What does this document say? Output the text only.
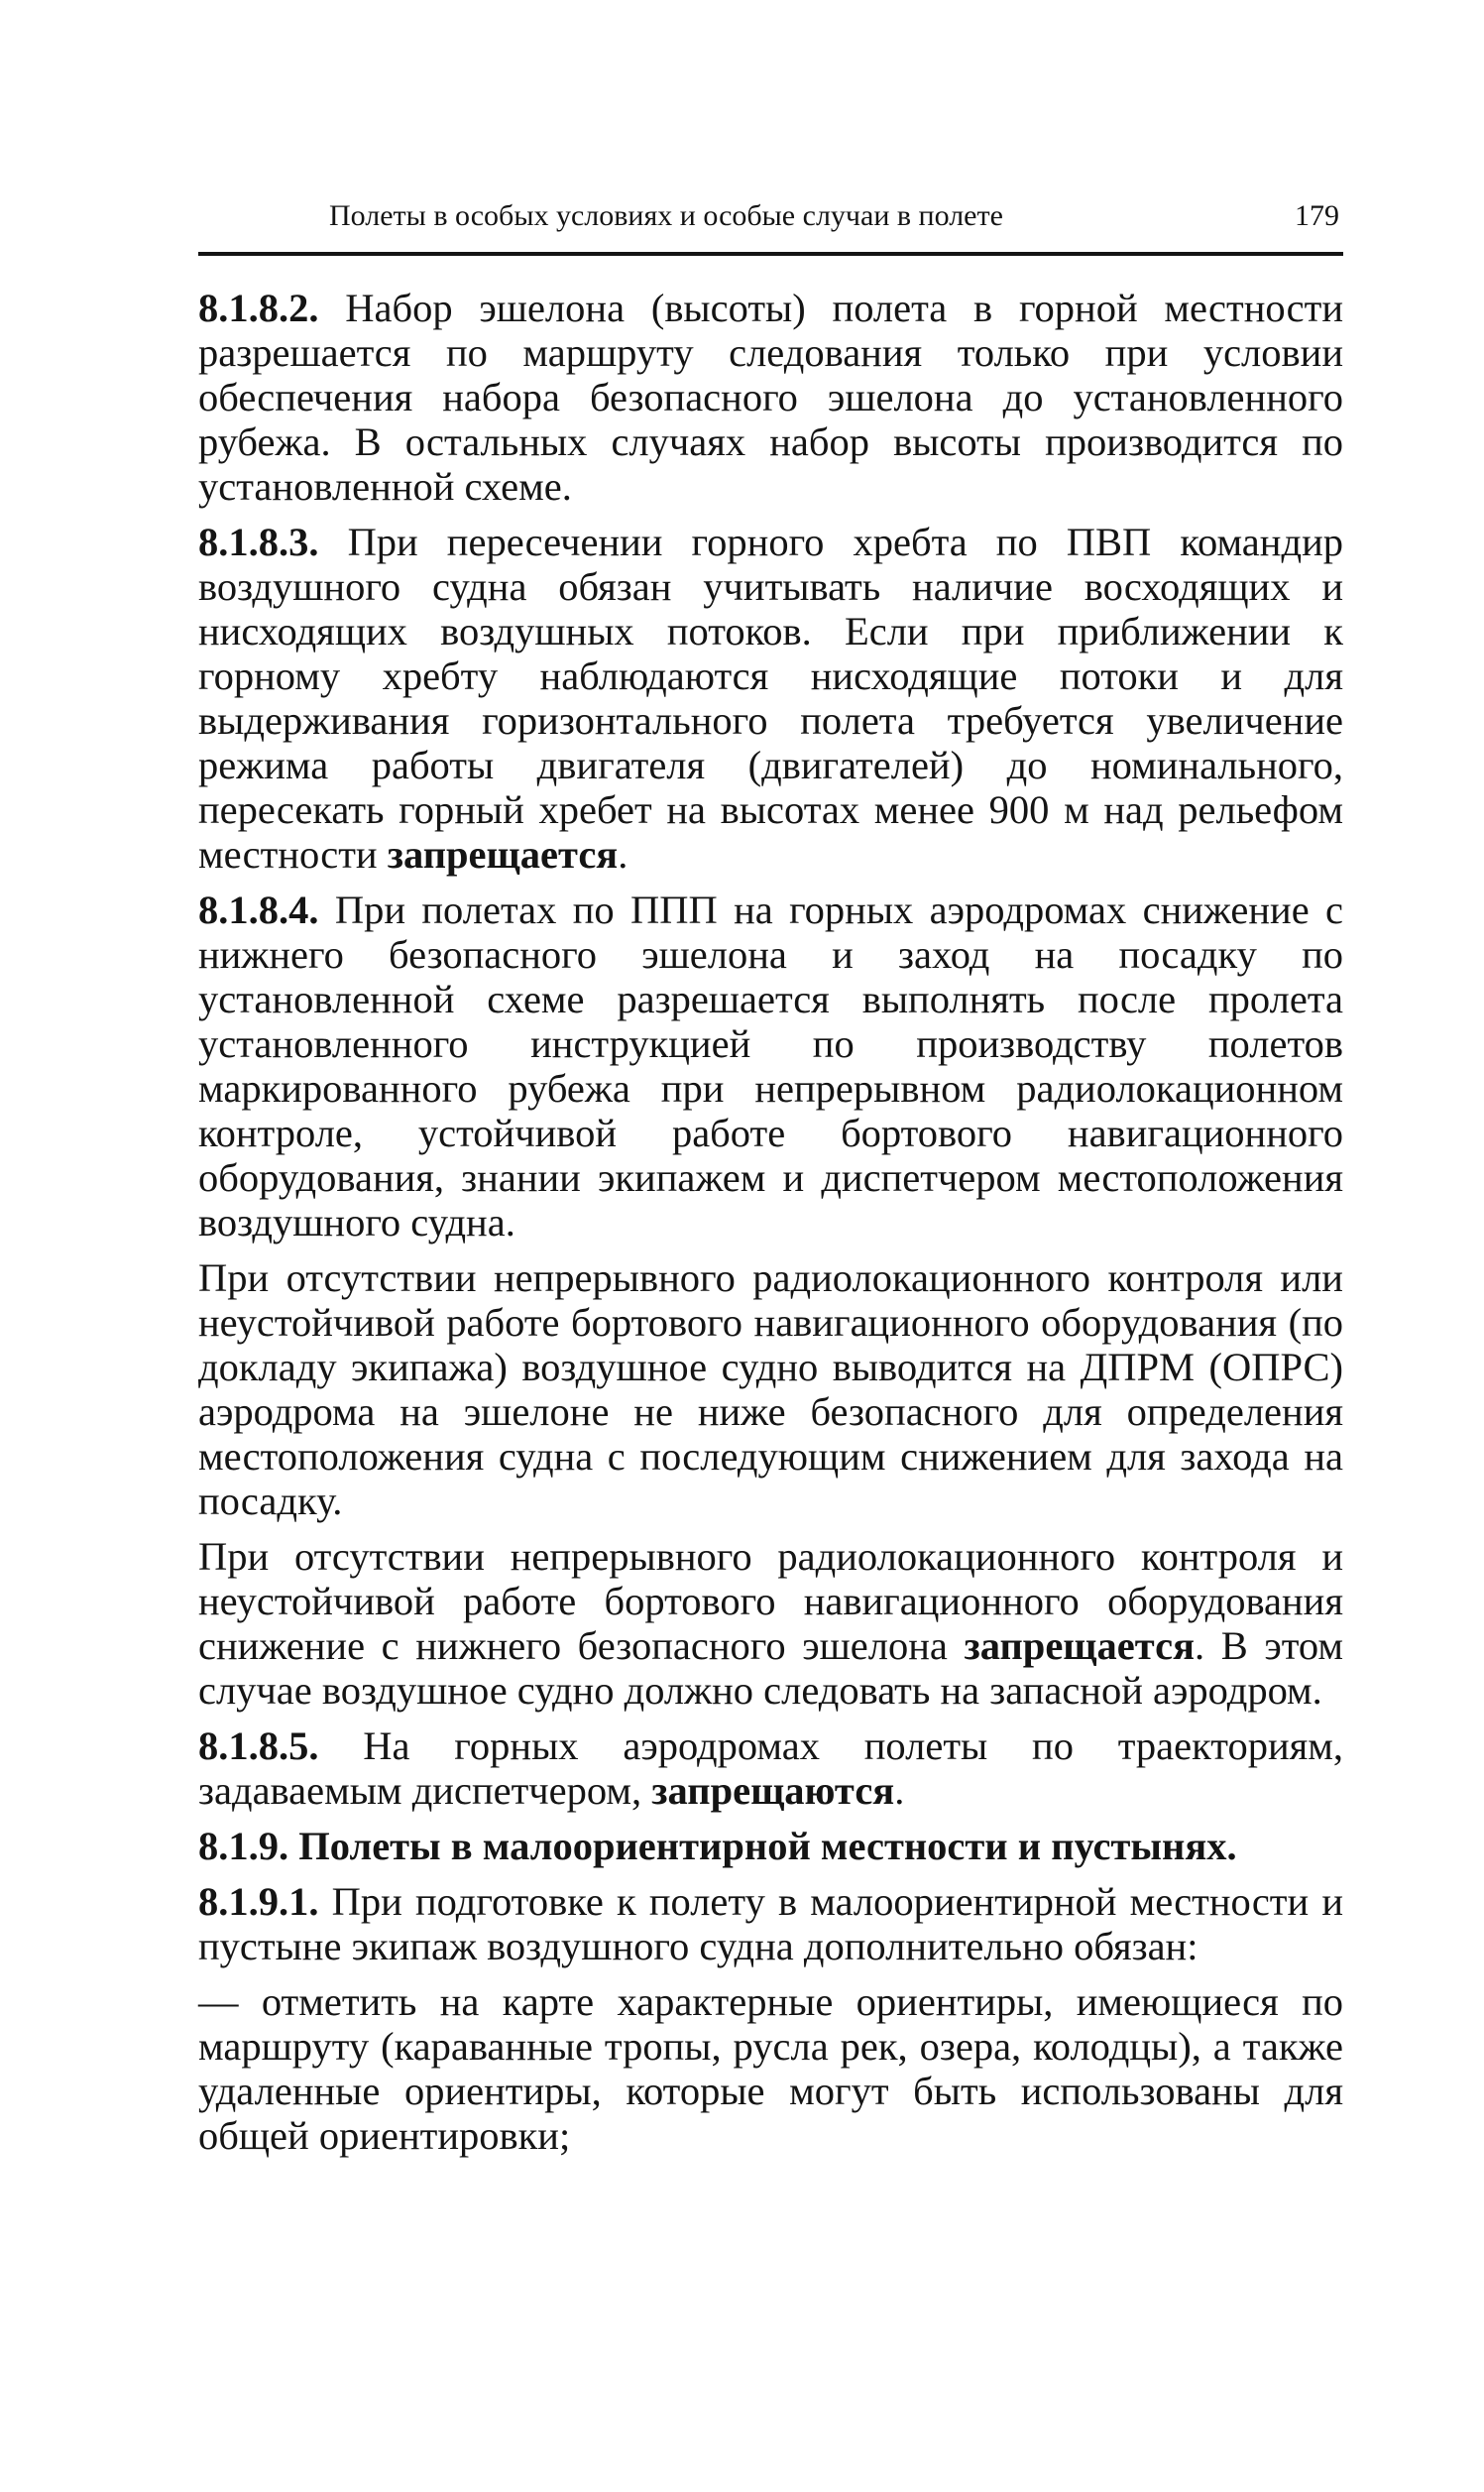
Полеты в особых условиях и особые случаи в полете	179

8.1.8.2. Набор эшелона (высоты) полета в горной местности разрешается по маршруту следования только при условии обеспечения набора безопасного эшелона до установленного рубежа. В остальных случаях набор высоты производится по установленной схеме.

8.1.8.3. При пересечении горного хребта по ПВП командир воздушного судна обязан учитывать наличие восходящих и нисходящих воздушных потоков. Если при приближении к горному хребту наблюдаются нисходящие потоки и для выдерживания горизонтального полета требуется увеличение режима работы двигателя (двигателей) до номинального, пересекать горный хребет на высотах менее 900 м над рельефом местности запрещается.

8.1.8.4. При полетах по ППП на горных аэродромах снижение с нижнего безопасного эшелона и заход на посадку по установленной схеме разрешается выполнять после пролета установленного инструкцией по производству полетов маркированного рубежа при непрерывном радиолокационном контроле, устойчивой работе бортового навигационного оборудования, знании экипажем и диспетчером местоположения воздушного судна.

При отсутствии непрерывного радиолокационного контроля или неустойчивой работе бортового навигационного оборудования (по докладу экипажа) воздушное судно выводится на ДПРМ (ОПРС) аэродрома на эшелоне не ниже безопасного для определения местоположения судна с последующим снижением для захода на посадку.

При отсутствии непрерывного радиолокационного контроля и неустойчивой работе бортового навигационного оборудования снижение с нижнего безопасного эшелона запрещается. В этом случае воздушное судно должно следовать на запасной аэродром.

8.1.8.5. На горных аэродромах полеты по траекториям, задаваемым диспетчером, запрещаются.

8.1.9. Полеты в малоориентирной местности и пустынях.

8.1.9.1. При подготовке к полету в малоориентирной местности и пустыне экипаж воздушного судна дополнительно обязан:

— отметить на карте характерные ориентиры, имеющиеся по маршруту (караванные тропы, русла рек, озера, колодцы), а также удаленные ориентиры, которые могут быть использованы для общей ориентировки;
